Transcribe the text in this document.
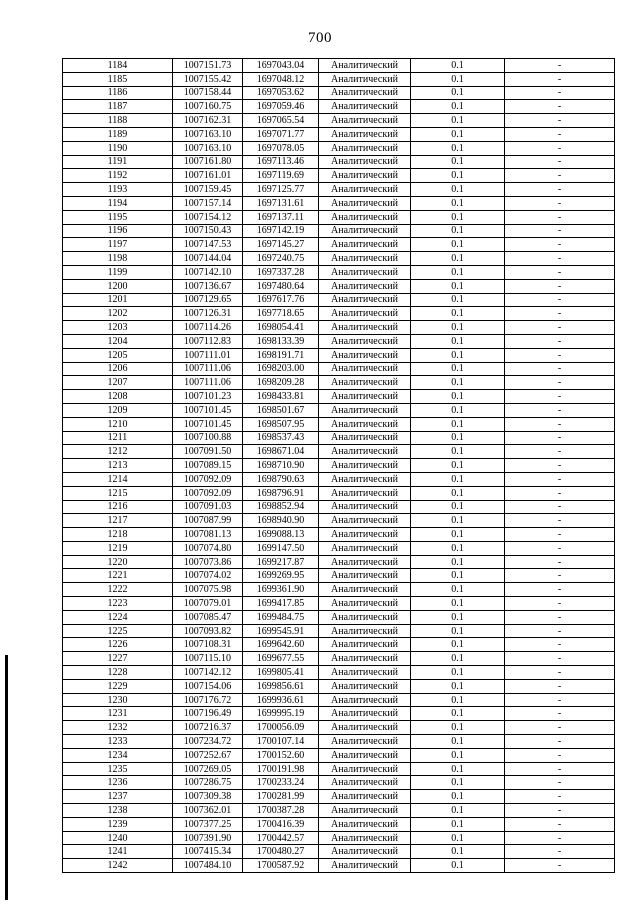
700
1184	1007151.73	1697043.04	Аналитический	0.1	-
1185	1007155.42	1697048.12	Аналитический	0.1	-
1186	1007158.44	1697053.62	Аналитический	0.1	-
1187	1007160.75	1697059.46	Аналитический	0.1	-
1188	1007162.31	1697065.54	Аналитический	0.1	-
1189	1007163.10	1697071.77	Аналитический	0.1	-
1190	1007163.10	1697078.05	Аналитический	0.1	-
1191	1007161.80	1697113.46	Аналитический	0.1	-
1192	1007161.01	1697119.69	Аналитический	0.1	-
1193	1007159.45	1697125.77	Аналитический	0.1	-
1194	1007157.14	1697131.61	Аналитический	0.1	-
1195	1007154.12	1697137.11	Аналитический	0.1	-
1196	1007150.43	1697142.19	Аналитический	0.1	-
1197	1007147.53	1697145.27	Аналитический	0.1	-
1198	1007144.04	1697240.75	Аналитический	0.1	-
1199	1007142.10	1697337.28	Аналитический	0.1	-
1200	1007136.67	1697480.64	Аналитический	0.1	-
1201	1007129.65	1697617.76	Аналитический	0.1	-
1202	1007126.31	1697718.65	Аналитический	0.1	-
1203	1007114.26	1698054.41	Аналитический	0.1	-
1204	1007112.83	1698133.39	Аналитический	0.1	-
1205	1007111.01	1698191.71	Аналитический	0.1	-
1206	1007111.06	1698203.00	Аналитический	0.1	-
1207	1007111.06	1698209.28	Аналитический	0.1	-
1208	1007101.23	1698433.81	Аналитический	0.1	-
1209	1007101.45	1698501.67	Аналитический	0.1	-
1210	1007101.45	1698507.95	Аналитический	0.1	-
1211	1007100.88	1698537.43	Аналитический	0.1	-
1212	1007091.50	1698671.04	Аналитический	0.1	-
1213	1007089.15	1698710.90	Аналитический	0.1	-
1214	1007092.09	1698790.63	Аналитический	0.1	-
1215	1007092.09	1698796.91	Аналитический	0.1	-
1216	1007091.03	1698852.94	Аналитический	0.1	-
1217	1007087.99	1698940.90	Аналитический	0.1	-
1218	1007081.13	1699088.13	Аналитический	0.1	-
1219	1007074.80	1699147.50	Аналитический	0.1	-
1220	1007073.86	1699217.87	Аналитический	0.1	-
1221	1007074.02	1699269.95	Аналитический	0.1	-
1222	1007075.98	1699361.90	Аналитический	0.1	-
1223	1007079.01	1699417.85	Аналитический	0.1	-
1224	1007085.47	1699484.75	Аналитический	0.1	-
1225	1007093.82	1699545.91	Аналитический	0.1	-
1226	1007108.31	1699642.60	Аналитический	0.1	-
1227	1007115.10	1699677.55	Аналитический	0.1	-
1228	1007142.12	1699805.41	Аналитический	0.1	-
1229	1007154.06	1699856.61	Аналитический	0.1	-
1230	1007176.72	1699936.61	Аналитический	0.1	-
1231	1007196.49	1699995.19	Аналитический	0.1	-
1232	1007216.37	1700056.09	Аналитический	0.1	-
1233	1007234.72	1700107.14	Аналитический	0.1	-
1234	1007252.67	1700152.60	Аналитический	0.1	-
1235	1007269.05	1700191.98	Аналитический	0.1	-
1236	1007286.75	1700233.24	Аналитический	0.1	-
1237	1007309.38	1700281.99	Аналитический	0.1	-
1238	1007362.01	1700387.28	Аналитический	0.1	-
1239	1007377.25	1700416.39	Аналитический	0.1	-
1240	1007391.90	1700442.57	Аналитический	0.1	-
1241	1007415.34	1700480.27	Аналитический	0.1	-
1242	1007484.10	1700587.92	Аналитический	0.1	-
